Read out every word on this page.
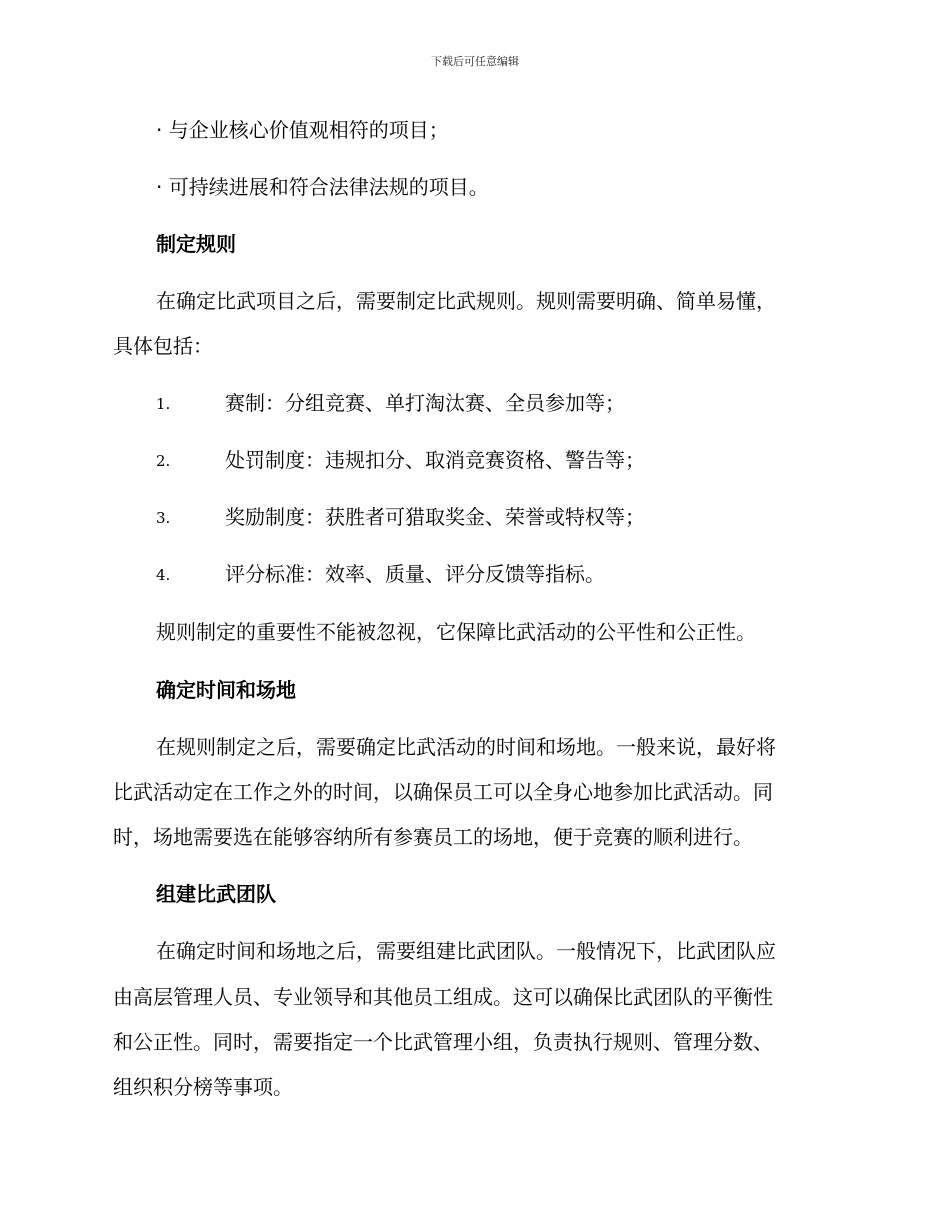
下载后可任意编辑
· 与企业核心价值观相符的项目；
· 可持续进展和符合法律法规的项目。
制定规则
在确定比武项目之后，需要制定比武规则。规则需要明确、简单易懂，
具体包括：
1.	赛制：分组竞赛、单打淘汰赛、全员参加等；
2.	处罚制度：违规扣分、取消竞赛资格、警告等；
3.	奖励制度：获胜者可猎取奖金、荣誉或特权等；
4.	评分标准：效率、质量、评分反馈等指标。
规则制定的重要性不能被忽视，它保障比武活动的公平性和公正性。
确定时间和场地
在规则制定之后，需要确定比武活动的时间和场地。一般来说，最好将
比武活动定在工作之外的时间，以确保员工可以全身心地参加比武活动。同
时，场地需要选在能够容纳所有参赛员工的场地，便于竞赛的顺利进行。
组建比武团队
在确定时间和场地之后，需要组建比武团队。一般情况下，比武团队应
由高层管理人员、专业领导和其他员工组成。这可以确保比武团队的平衡性
和公正性。同时，需要指定一个比武管理小组，负责执行规则、管理分数、
组织积分榜等事项。
